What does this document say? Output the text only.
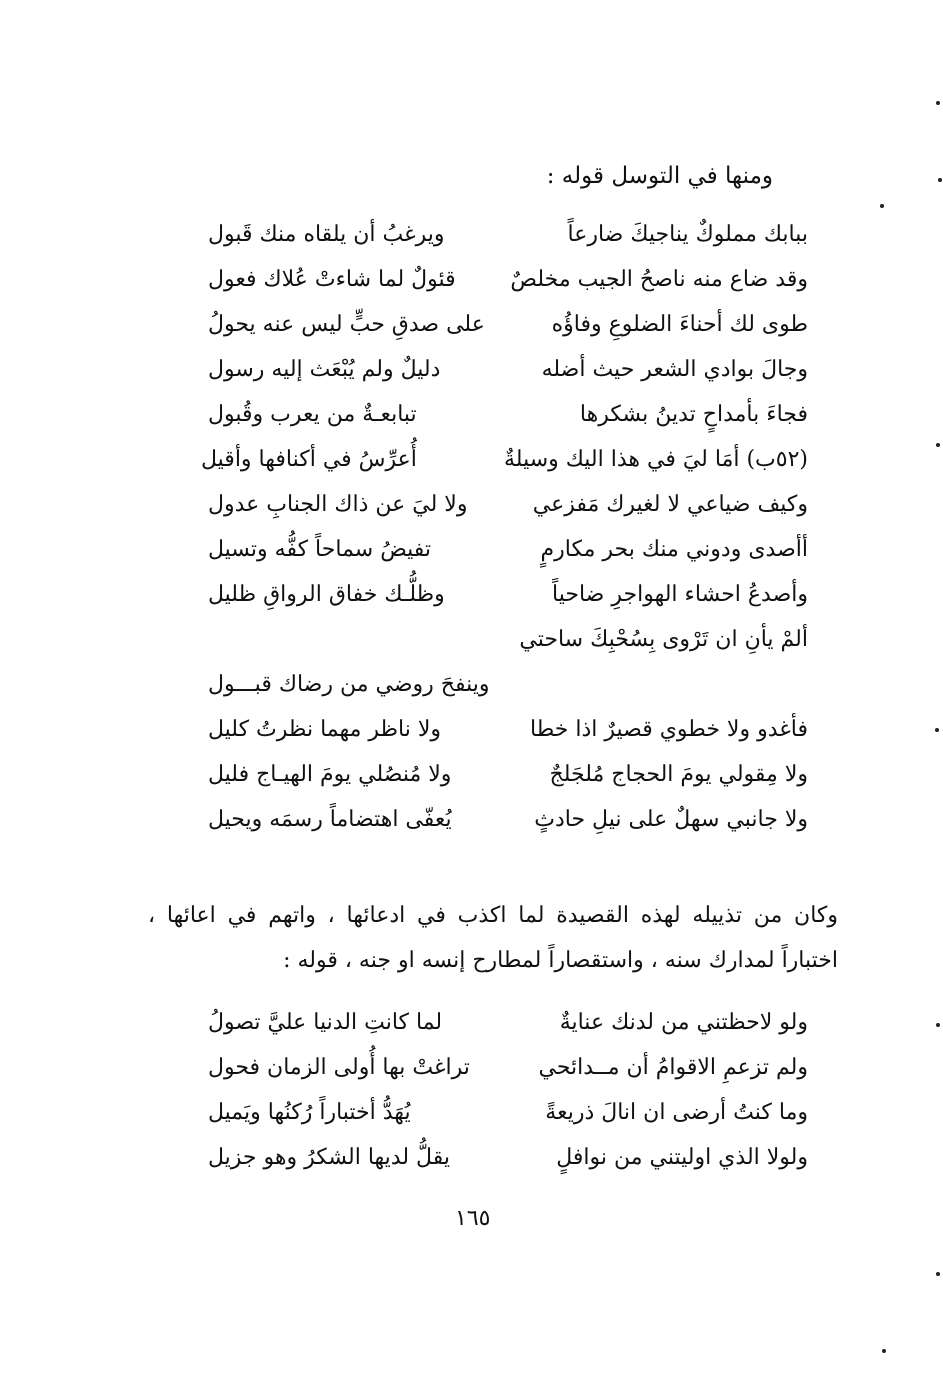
ومنها في التوسل قوله :
ببابك مملوكٌ يناجيكَ ضارعاً
ويرغبُ أن يلقاه منك قَبول
وقد ضاع منه ناصحُ الجيب مخلصٌ
قئولٌ لما شاءتْ عُلاك فعول
طوى لك أحناءَ الضلوعِ وفاؤُه
على صدقِ حبٍّ ليس عنه يحولُ
وجالَ بوادي الشعر حيث أضله
دليلٌ ولم يُبْعَث إليه رسول
فجاءَ بأمداحٍ تدينُ بشكرها
تبابعـةٌ من يعرب وقُبول
(٥٢ب) أمَا ليَ في هذا اليك وسيلةٌ
أُعرِّسُ في أكنافها وأقيل
وكيف ضياعي لا لغيرك مَفزعي
ولا ليَ عن ذاك الجنابِ عدول
أأصدى ودوني منك بحر مكارمٍ
تفيضُ سماحاً كفُّه وتسيل
وأصدعُ احشاء الهواجرِ ضاحياً
وظلُّـك خفاق الرواقِ ظليل
ألمْ يأنِ ان تَرْوى بِسُحْبِكَ ساحتي
وينفحَ روضي من رضاك قبـــول
فأغدو ولا خطوي قصيرٌ اذا خطا
ولا ناظر مهما نظرتُ كليل
ولا مِقولي يومَ الحجاج مُلجَلجٌ
ولا مُنصُلي يومَ الهيـاج فليل
ولا جانبي سهلٌ على نيلِ حادثٍ
يُعفّى اهتضاماً رسمَه ويحيل
وكان من تذييله لهذه القصيدة لما اكذب في ادعائها ، واتهم في اعائها ، اختباراً لمدارك سنه ، واستقصاراً لمطارح إنسه او جنه ، قوله :
ولو لاحظتني من لدنك عنايةٌ
لما كانتِ الدنيا عليَّ تصولُ
ولم تزعمِ الاقوامُ أن مــدائحي
تراغتْ بها أُولى الزمان فحول
وما كنتُ أرضى ان انالَ ذريعةً
يُهَدُّ أختباراً رُكنُها ويَميل
ولولا الذي اوليتني من نوافلٍ
يقلُّ لديها الشكرُ وهو جزيل
١٦٥
